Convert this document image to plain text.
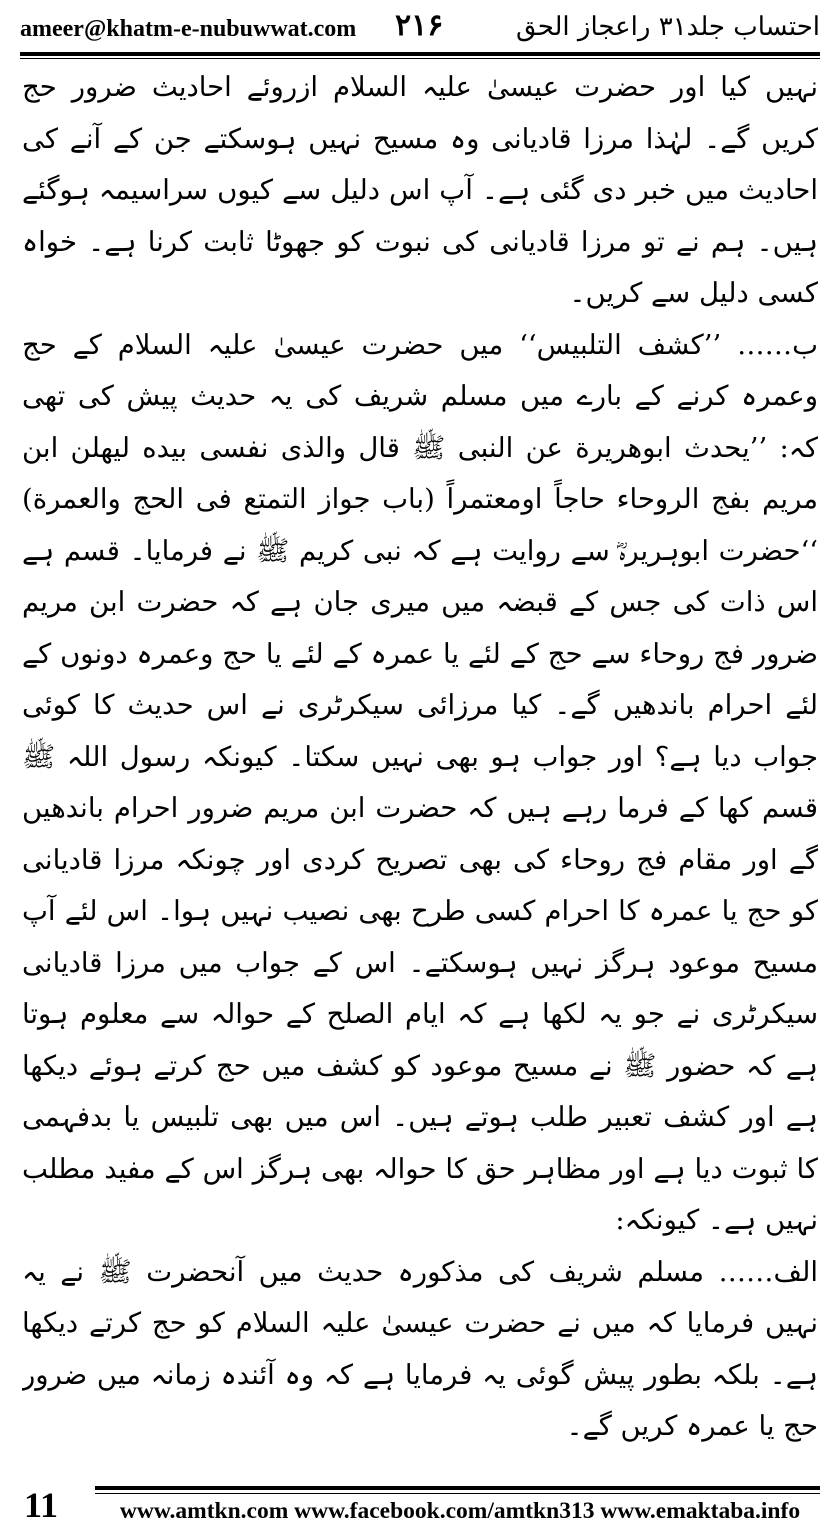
ameer@khatm-e-nubuwwat.com ۲۱۶	احتساب جلد۳۱ راعجاز الحق

نہیں کیا اور حضرت عیسیٰ علیہ السلام ازروئے احادیث ضرور حج کریں گے۔ لہٰذا مرزا قادیانی وہ مسیح نہیں ہوسکتے جن کے آنے کی احادیث میں خبر دی گئی ہے۔ آپ اس دلیل سے کیوں سراسیمہ ہوگئے ہیں۔ ہم نے تو مرزا قادیانی کی نبوت کو جھوٹا ثابت کرنا ہے۔ خواہ کسی دلیل سے کریں۔

ب…… ’’کشف التلبیس‘‘ میں حضرت عیسیٰ علیہ السلام کے حج وعمرہ کرنے کے بارے میں مسلم شریف کی یہ حدیث پیش کی تھی کہ: ’’یحدث ابوهريرة عن النبى ﷺ قال والذى نفسى بيده ليهلن ابن مريم بفج الروحاء حاجاً اومعتمراً (باب جواز التمتع فى الحج والعمرة) ‘‘حضرت ابوہریرہؓ سے روایت ہے کہ نبی کریم ﷺ نے فرمایا۔ قسم ہے اس ذات کی جس کے قبضہ میں میری جان ہے کہ حضرت ابن مریم ضرور فج روحاء سے حج کے لئے یا عمرہ کے لئے یا حج وعمرہ دونوں کے لئے احرام باندھیں گے۔ کیا مرزائی سیکرٹری نے اس حدیث کا کوئی جواب دیا ہے؟ اور جواب ہو بھی نہیں سکتا۔ کیونکہ رسول اللہ ﷺ قسم کھا کے فرما رہے ہیں کہ حضرت ابن مریم ضرور احرام باندھیں گے اور مقام فج روحاء کی بھی تصریح کردی اور چونکہ مرزا قادیانی کو حج یا عمرہ کا احرام کسی طرح بھی نصیب نہیں ہوا۔ اس لئے آپ مسیح موعود ہرگز نہیں ہوسکتے۔ اس کے جواب میں مرزا قادیانی سیکرٹری نے جو یہ لکھا ہے کہ ایام الصلح کے حوالہ سے معلوم ہوتا ہے کہ حضور ﷺ نے مسیح موعود کو کشف میں حج کرتے ہوئے دیکھا ہے اور کشف تعبیر طلب ہوتے ہیں۔ اس میں بھی تلبیس یا بدفہمی کا ثبوت دیا ہے اور مظاہر حق کا حوالہ بھی ہرگز اس کے مفید مطلب نہیں ہے۔ کیونکہ:

الف…… مسلم شریف کی مذکورہ حدیث میں آنحضرت ﷺ نے یہ نہیں فرمایا کہ میں نے حضرت عیسیٰ علیہ السلام کو حج کرتے دیکھا ہے۔ بلکہ بطور پیش گوئی یہ فرمایا ہے کہ وہ آئندہ زمانہ میں ضرور حج یا عمرہ کریں گے۔

11	www.amtkn.com www.facebook.com/amtkn313 www.emaktaba.info
